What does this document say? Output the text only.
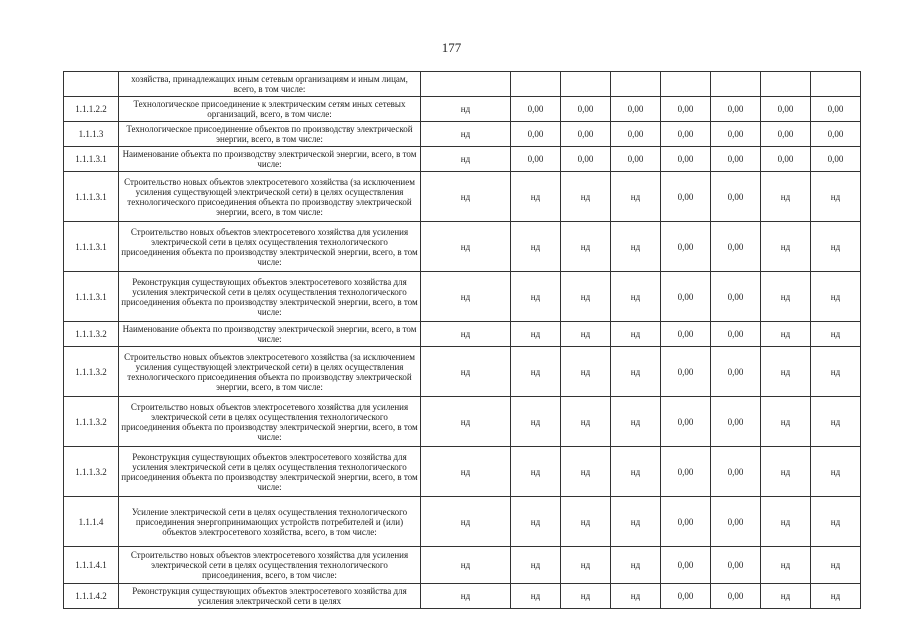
177
	хозяйства, принадлежащих иным сетевым организациям и иным лицам, всего, в том числе:								
1.1.1.2.2	Технологическое присоединение к электрическим сетям иных сетевых организаций, всего, в том числе:	нд	0,00	0,00	0,00	0,00	0,00	0,00	0,00
1.1.1.3	Технологическое присоединение объектов по производству электрической энергии, всего, в том числе:	нд	0,00	0,00	0,00	0,00	0,00	0,00	0,00
1.1.1.3.1	Наименование объекта по производству электрической энергии, всего, в том числе:	нд	0,00	0,00	0,00	0,00	0,00	0,00	0,00
1.1.1.3.1	Строительство новых объектов электросетевого хозяйства (за исключением усиления существующей электрической сети) в целях осуществления технологического присоединения объекта по производству электрической энергии, всего, в том числе:	нд	нд	нд	нд	0,00	0,00	нд	нд
1.1.1.3.1	Строительство новых объектов электросетевого хозяйства для усиления электрической сети в целях осуществления технологического присоединения объекта по производству электрической энергии, всего, в том числе:	нд	нд	нд	нд	0,00	0,00	нд	нд
1.1.1.3.1	Реконструкция существующих объектов электросетевого хозяйства для усиления электрической сети в целях осуществления технологического присоединения объекта по производству электрической энергии, всего, в том числе:	нд	нд	нд	нд	0,00	0,00	нд	нд
1.1.1.3.2	Наименование объекта по производству электрической энергии, всего, в том числе:	нд	нд	нд	нд	0,00	0,00	нд	нд
1.1.1.3.2	Строительство новых объектов электросетевого хозяйства (за исключением усиления существующей электрической сети) в целях осуществления технологического присоединения объекта по производству электрической энергии, всего, в том числе:	нд	нд	нд	нд	0,00	0,00	нд	нд
1.1.1.3.2	Строительство новых объектов электросетевого хозяйства для усиления электрической сети в целях осуществления технологического присоединения объекта по производству электрической энергии, всего, в том числе:	нд	нд	нд	нд	0,00	0,00	нд	нд
1.1.1.3.2	Реконструкция существующих объектов электросетевого хозяйства для усиления электрической сети в целях осуществления технологического присоединения объекта по производству электрической энергии, всего, в том числе:	нд	нд	нд	нд	0,00	0,00	нд	нд
1.1.1.4	Усиление электрической сети в целях осуществления технологического присоединения энергопринимающих устройств потребителей и (или) объектов электросетевого хозяйства, всего, в том числе:	нд	нд	нд	нд	0,00	0,00	нд	нд
1.1.1.4.1	Строительство новых объектов электросетевого хозяйства для усиления электрической сети в целях осуществления технологического присоединения, всего, в том числе:	нд	нд	нд	нд	0,00	0,00	нд	нд
1.1.1.4.2	Реконструкция существующих объектов электросетевого хозяйства для усиления электрической сети в целях	нд	нд	нд	нд	0,00	0,00	нд	нд
